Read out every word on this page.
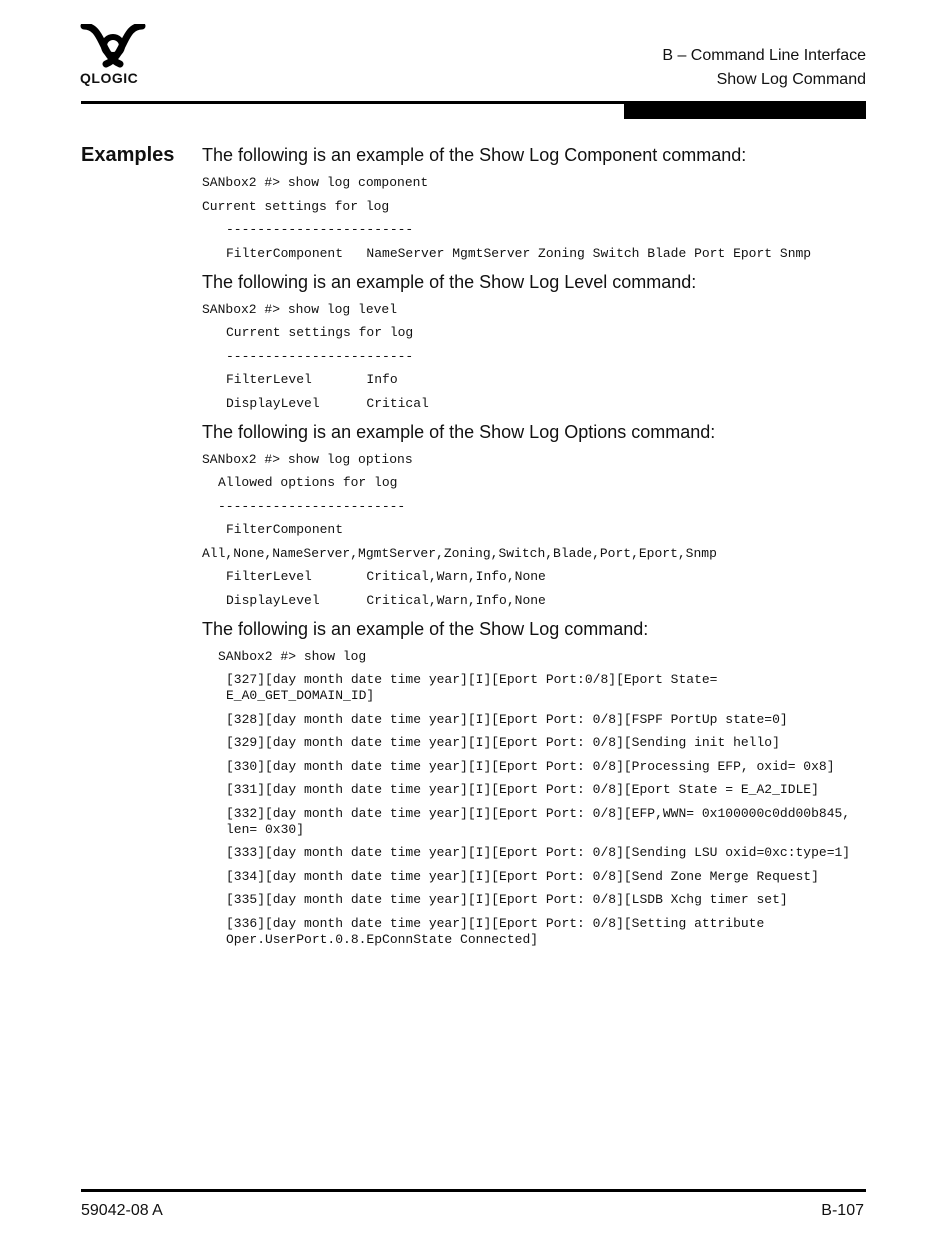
QLOGIC
B – Command Line Interface
Show Log Command
Examples The following is an example of the Show Log Component command:

SANbox2 #> show log component
Current settings for log
------------------------
FilterComponent   NameServer MgmtServer Zoning Switch Blade Port Eport Snmp

The following is an example of the Show Log Level command:

SANbox2 #> show log level
Current settings for log
------------------------
FilterLevel       Info
DisplayLevel      Critical

The following is an example of the Show Log Options command:

SANbox2 #> show log options
Allowed options for log
------------------------
FilterComponent
All,None,NameServer,MgmtServer,Zoning,Switch,Blade,Port,Eport,Snmp
FilterLevel       Critical,Warn,Info,None
DisplayLevel      Critical,Warn,Info,None

The following is an example of the Show Log command:

SANbox2 #> show log
[327][day month date time year][I][Eport Port:0/8][Eport State=
E_A0_GET_DOMAIN_ID]
[328][day month date time year][I][Eport Port: 0/8][FSPF PortUp state=0]
[329][day month date time year][I][Eport Port: 0/8][Sending init hello]
[330][day month date time year][I][Eport Port: 0/8][Processing EFP, oxid= 0x8]
[331][day month date time year][I][Eport Port: 0/8][Eport State = E_A2_IDLE]
[332][day month date time year][I][Eport Port: 0/8][EFP,WWN= 0x100000c0dd00b845,
len= 0x30]
[333][day month date time year][I][Eport Port: 0/8][Sending LSU oxid=0xc:type=1]
[334][day month date time year][I][Eport Port: 0/8][Send Zone Merge Request]
[335][day month date time year][I][Eport Port: 0/8][LSDB Xchg timer set]
[336][day month date time year][I][Eport Port: 0/8][Setting attribute
Oper.UserPort.0.8.EpConnState Connected]
59042-08 A	B-107
